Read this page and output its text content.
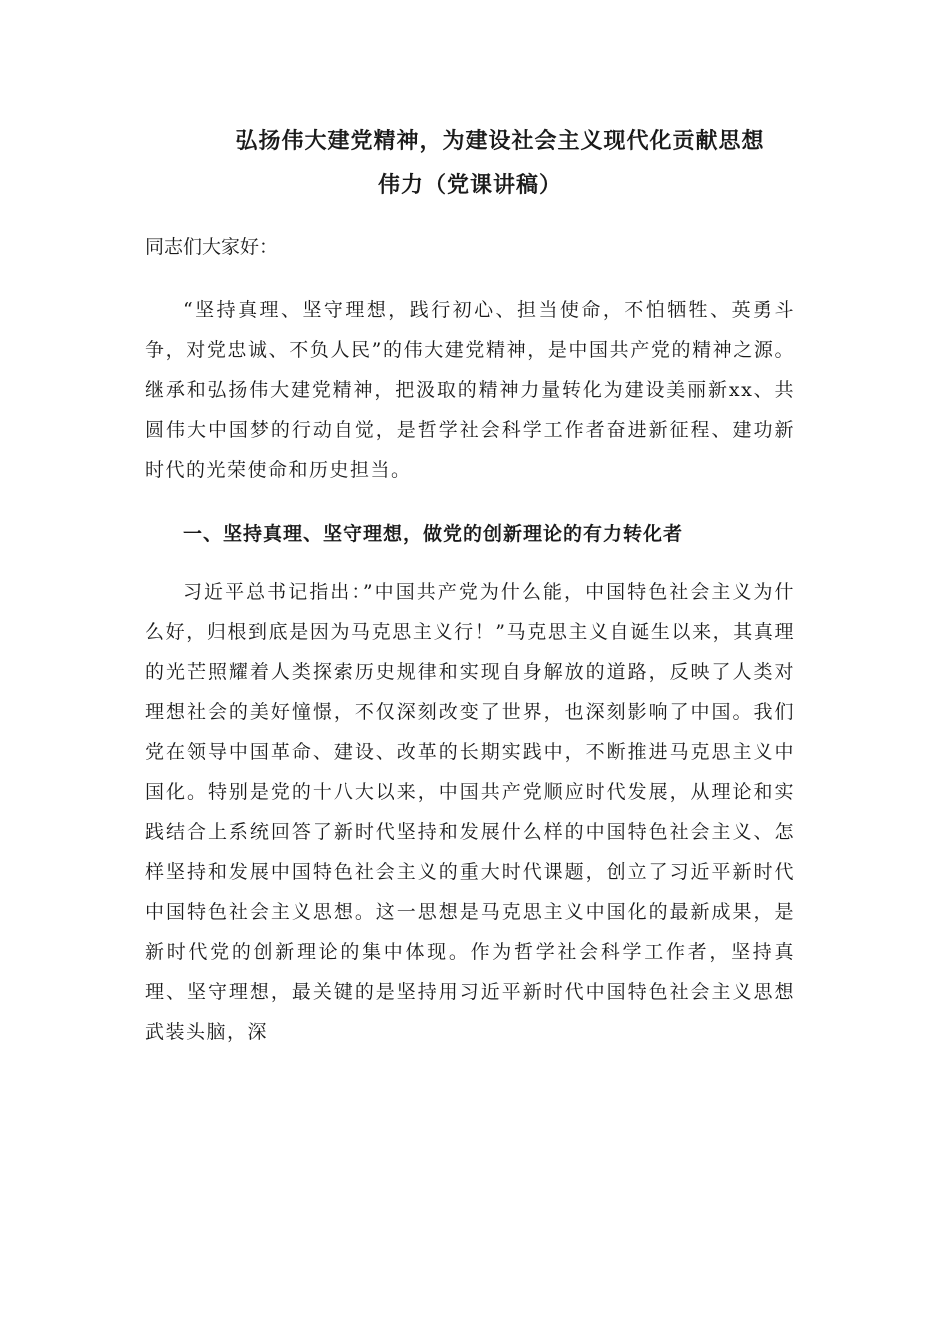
弘扬伟大建党精神，为建设社会主义现代化贡献思想
伟力（党课讲稿）

同志们大家好：

“坚持真理、坚守理想，践行初心、担当使命，不怕牺牲、英勇斗争，对党忠诚、不负人民”的伟大建党精神，是中国共产党的精神之源。继承和弘扬伟大建党精神，把汲取的精神力量转化为建设美丽新xx、共圆伟大中国梦的行动自觉，是哲学社会科学工作者奋进新征程、建功新时代的光荣使命和历史担当。

一、坚持真理、坚守理想，做党的创新理论的有力转化者

习近平总书记指出：”中国共产党为什么能，中国特色社会主义为什么好，归根到底是因为马克思主义行！”马克思主义自诞生以来，其真理的光芒照耀着人类探索历史规律和实现自身解放的道路，反映了人类对理想社会的美好憧憬，不仅深刻改变了世界，也深刻影响了中国。我们党在领导中国革命、建设、改革的长期实践中，不断推进马克思主义中国化。特别是党的十八大以来，中国共产党顺应时代发展，从理论和实践结合上系统回答了新时代坚持和发展什么样的中国特色社会主义、怎样坚持和发展中国特色社会主义的重大时代课题，创立了习近平新时代中国特色社会主义思想。这一思想是马克思主义中国化的最新成果，是新时代党的创新理论的集中体现。作为哲学社会科学工作者，坚持真理、坚守理想，最关键的是坚持用习近平新时代中国特色社会主义思想武装头脑，深
